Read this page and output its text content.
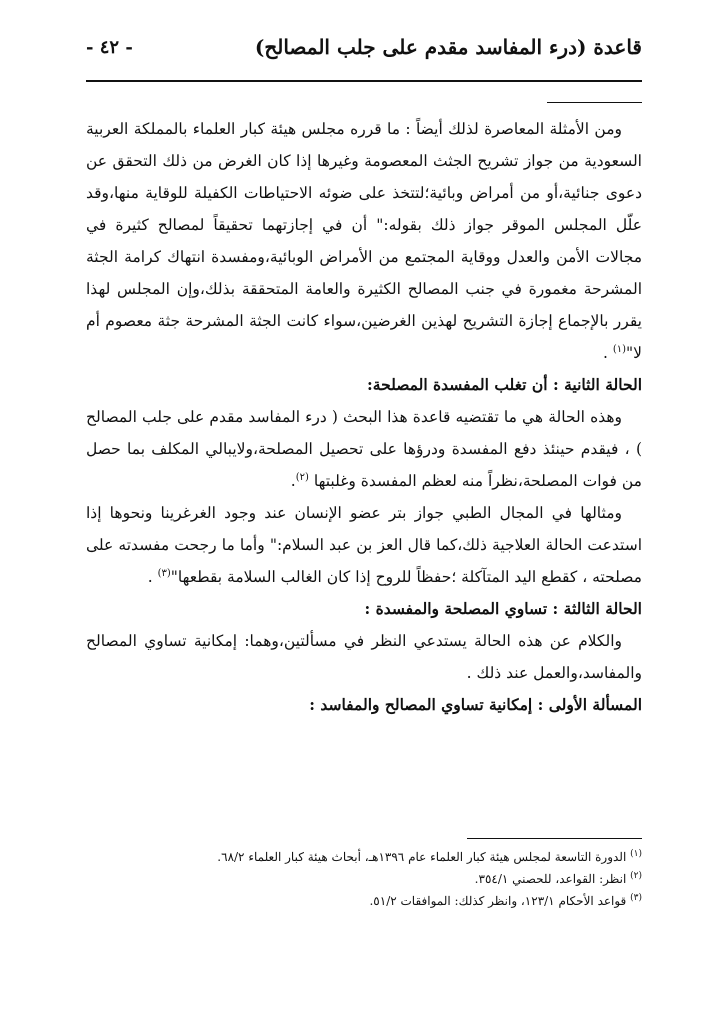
قاعدة (درء المفاسد مقدم على جلب المصالح)
- ٤٢ -

ومن الأمثلة المعاصرة لذلك أيضاً : ما قرره مجلس هيئة كبار العلماء بالمملكة العربية السعودية من جواز تشريح الجثث المعصومة وغيرها إذا كان الغرض من ذلك التحقق عن دعوى جنائية،أو من أمراض وبائية؛لتتخذ على ضوئه الاحتياطات الكفيلة للوقاية منها،وقد علّل المجلس الموقر جواز ذلك بقوله:" أن في إجازتهما تحقيقاً لمصالح كثيرة في مجالات الأمن والعدل ووقاية المجتمع من الأمراض الوبائية،ومفسدة انتهاك كرامة الجثة المشرحة مغمورة في جنب المصالح الكثيرة والعامة المتحققة بذلك،وإن المجلس لهذا يقرر بالإجماع إجازة التشريح لهذين الغرضين،سواء كانت الجثة المشرحة جثة معصوم أم لا"$^{(١)}$ .

الحالة الثانية : أن تغلب المفسدة المصلحة:

وهذه الحالة هي ما تقتضيه قاعدة هذا البحث ( درء المفاسد مقدم على جلب المصالح ) ، فيقدم حينئذ دفع المفسدة ودرؤها على تحصيل المصلحة،ولايبالي المكلف بما حصل من فوات المصلحة،نظراً منه لعظم المفسدة وغلبتها $^{(٢)}$.

ومثالها في المجال الطبي جواز بتر عضو الإنسان عند وجود الغرغرينا ونحوها إذا استدعت الحالة العلاجية ذلك،كما قال العز بن عبد السلام:" وأما ما رجحت مفسدته على مصلحته ، كقطع اليد المتآكلة ؛حفظاً للروح إذا كان الغالب السلامة بقطعها"$^{(٣)}$ .

الحالة الثالثة : تساوي المصلحة والمفسدة :

والكلام عن هذه الحالة يستدعي النظر في مسألتين،وهما: إمكانية تساوي المصالح والمفاسد،والعمل عند ذلك .

المسألة الأولى : إمكانية تساوي المصالح والمفاسد :

$^{(١)}$ الدورة التاسعة لمجلس هيئة كبار العلماء عام ١٣٩٦هـ، أبحاث هيئة كبار العلماء ٦٨/٢.

$^{(٢)}$ انظر: القواعد، للحصني ٣٥٤/١.

$^{(٣)}$ قواعد الأحكام ١٢٣/١، وانظر كذلك: الموافقات ٥١/٢.
